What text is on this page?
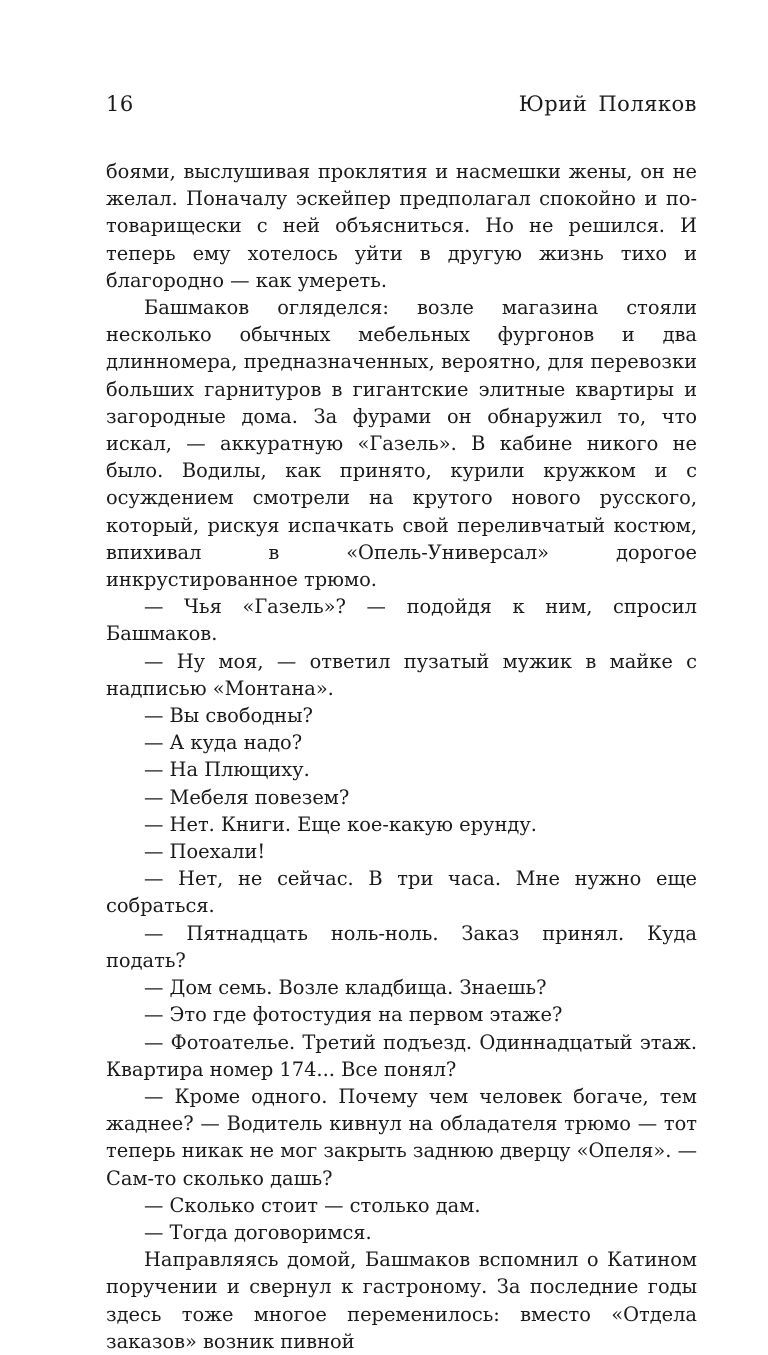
16	Юрий Поляков

боями, выслушивая проклятия и насмешки жены, он не желал. Поначалу эскейпер предполагал спокойно и по-товарищески с ней объясниться. Но не решился. И теперь ему хотелось уйти в другую жизнь тихо и благородно — как умереть.

Башмаков огляделся: возле магазина стояли несколько обычных мебельных фургонов и два длинномера, предназначенных, вероятно, для перевозки больших гарнитуров в гигантские элитные квартиры и загородные дома. За фурами он обнаружил то, что искал, — аккуратную «Газель». В кабине никого не было. Водилы, как принято, курили кружком и с осуждением смотрели на крутого нового русского, который, рискуя испачкать свой переливчатый костюм, впихивал в «Опель-Универсал» дорогое инкрустированное трюмо.

— Чья «Газель»? — подойдя к ним, спросил Башмаков.

— Ну моя, — ответил пузатый мужик в майке с надписью «Монтана».

— Вы свободны?

— А куда надо?

— На Плющиху.

— Мебеля повезем?

— Нет. Книги. Еще кое-какую ерунду.

— Поехали!

— Нет, не сейчас. В три часа. Мне нужно еще собраться.

— Пятнадцать ноль-ноль. Заказ принял. Куда подать?

— Дом семь. Возле кладбища. Знаешь?

— Это где фотостудия на первом этаже?

— Фотоателье. Третий подъезд. Одиннадцатый этаж. Квартира номер 174... Все понял?

— Кроме одного. Почему чем человек богаче, тем жаднее? — Водитель кивнул на обладателя трюмо — тот теперь никак не мог закрыть заднюю дверцу «Опеля». — Сам-то сколько дашь?

— Сколько стоит — столько дам.

— Тогда договоримся.

Направляясь домой, Башмаков вспомнил о Катином поручении и свернул к гастроному. За последние годы здесь тоже многое переменилось: вместо «Отдела заказов» возник пивной
